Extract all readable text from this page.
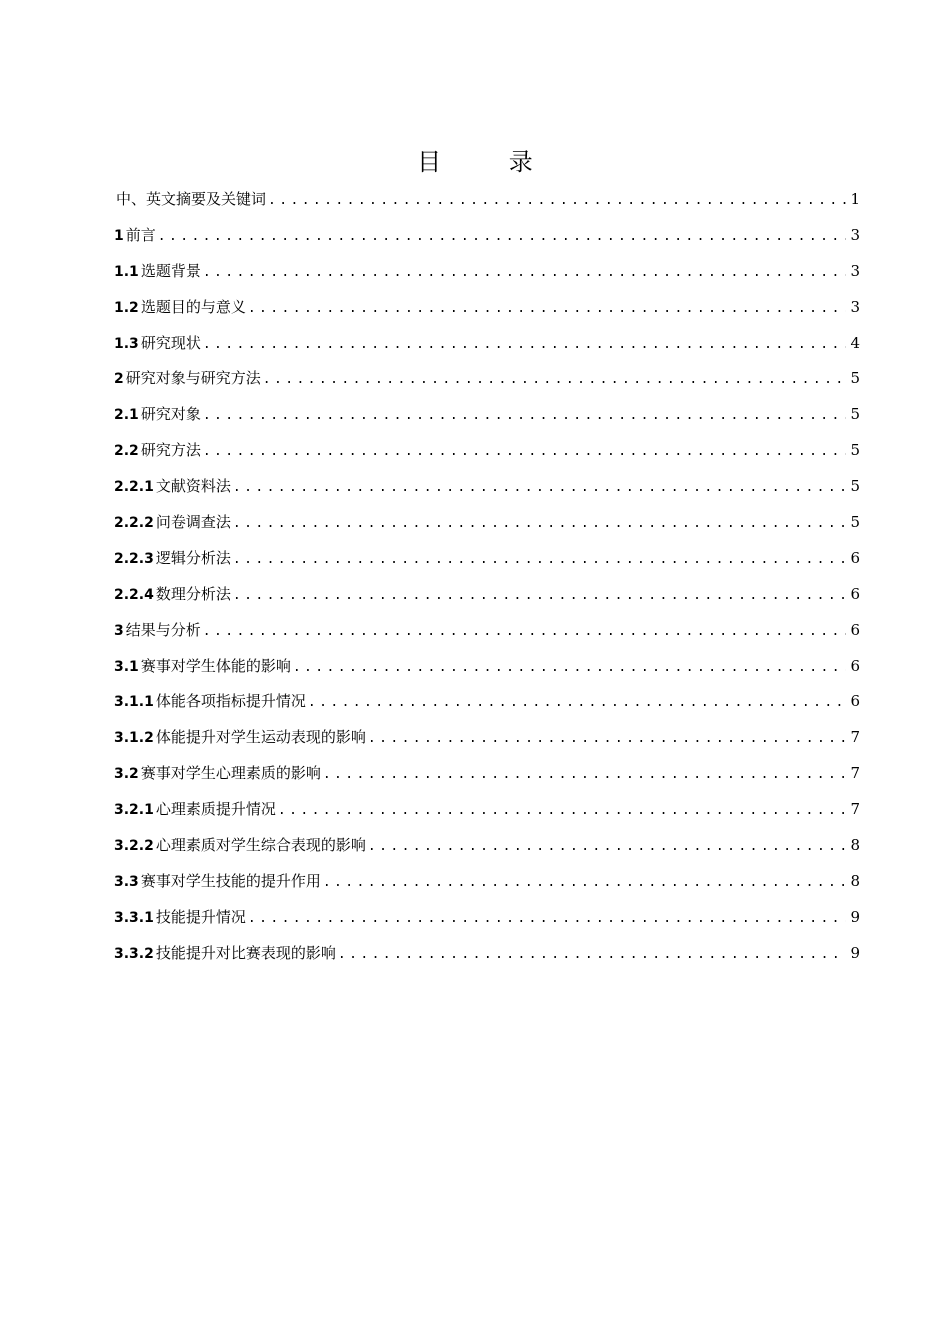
目 录
中、英文摘要及关键词 .....	1
1 前言 .....	3
1.1 选题背景 .....	3
1.2 选题目的与意义 .....	3
1.3 研究现状 .....	4
2 研究对象与研究方法 .....	5
2.1 研究对象 .....	5
2.2 研究方法 .....	5
2.2.1 文献资料法 .....	5
2.2.2 问卷调查法 .....	5
2.2.3 逻辑分析法 .....	6
2.2.4 数理分析法 .....	6
3 结果与分析 .....	6
3.1 赛事对学生体能的影响 .....	6
3.1.1 体能各项指标提升情况 .....	6
3.1.2 体能提升对学生运动表现的影响 .....	7
3.2 赛事对学生心理素质的影响 .....	7
3.2.1 心理素质提升情况 .....	7
3.2.2 心理素质对学生综合表现的影响 .....	8
3.3 赛事对学生技能的提升作用 .....	8
3.3.1 技能提升情况 .....	9
3.3.2 技能提升对比赛表现的影响 .....	9
